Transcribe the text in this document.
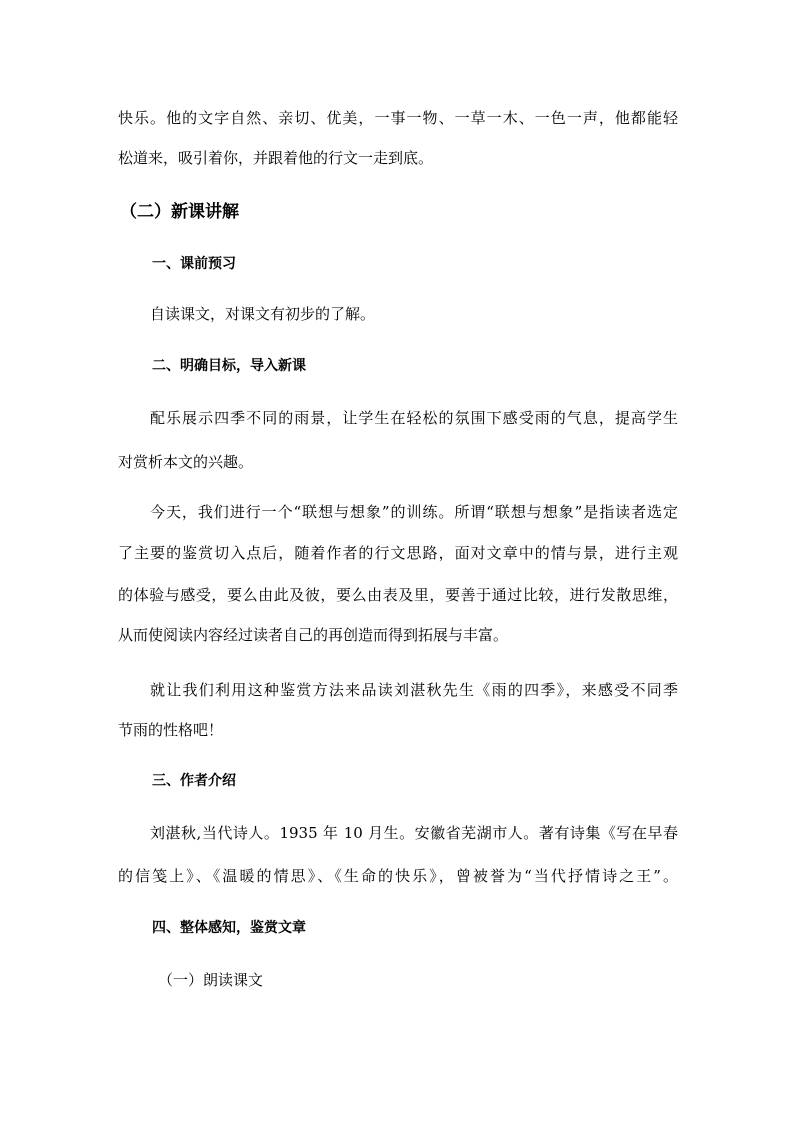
快乐。他的文字自然、亲切、优美，一事一物、一草一木、一色一声，他都能轻
松道来，吸引着你，并跟着他的行文一走到底。
（二）新课讲解
一、课前预习
自读课文，对课文有初步的了解。
二、明确目标，导入新课
配乐展示四季不同的雨景，让学生在轻松的氛围下感受雨的气息，提高学生
对赏析本文的兴趣。
今天，我们进行一个“联想与想象”的训练。所谓“联想与想象”是指读者选定
了主要的鉴赏切入点后，随着作者的行文思路，面对文章中的情与景，进行主观
的体验与感受，要么由此及彼，要么由表及里，要善于通过比较，进行发散思维，
从而使阅读内容经过读者自己的再创造而得到拓展与丰富。
就让我们利用这种鉴赏方法来品读刘湛秋先生《雨的四季》，来感受不同季
节雨的性格吧！
三、作者介绍
刘湛秋,当代诗人。1935 年 10 月生。安徽省芜湖市人。著有诗集《写在早春
的信笺上》、《温暖的情思》、《生命的快乐》，曾被誉为“当代抒情诗之王”。
四、整体感知，鉴赏文章
（一）朗读课文
